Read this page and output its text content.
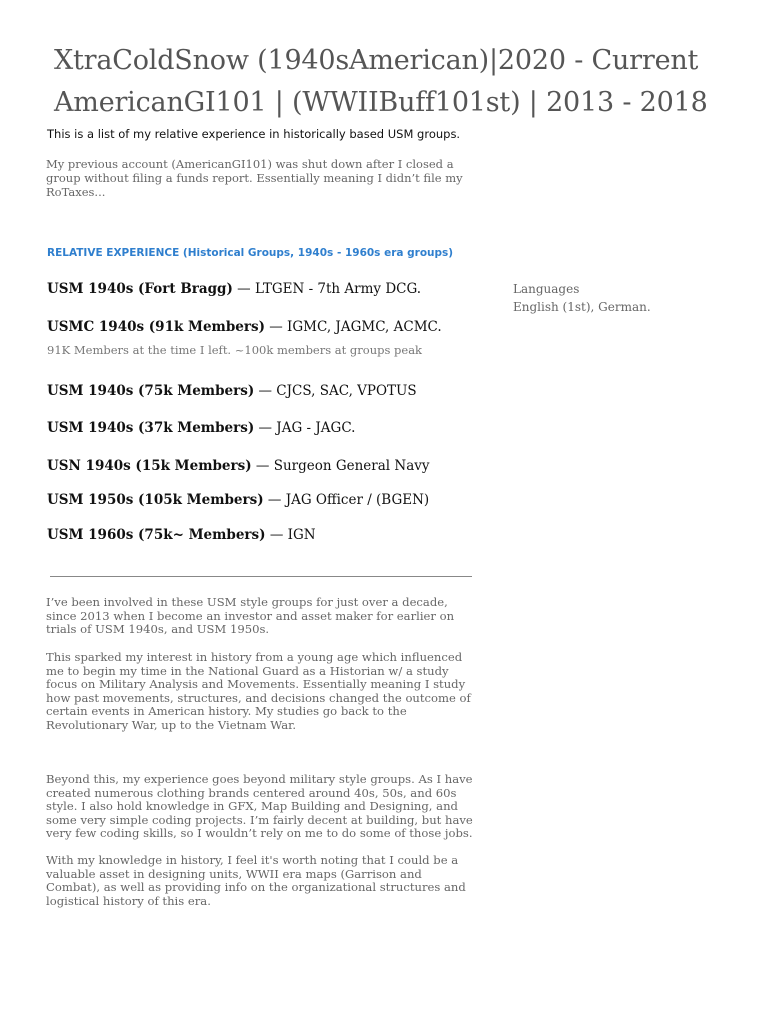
XtraColdSnow (1940sAmerican)|2020 - Current
AmericanGI101 | (WWIIBuff101st) | 2013 - 2018
This is a list of my relative experience in historically based USM groups.
My previous account (AmericanGI101) was shut down after I closed a group without filing a funds report. Essentially meaning I didn’t file my RoTaxes...
RELATIVE EXPERIENCE (Historical Groups, 1940s - 1960s era groups)
USM 1940s (Fort Bragg) — LTGEN - 7th Army DCG.
USMC 1940s (91k Members) — IGMC, JAGMC, ACMC.
91K Members at the time I left. ~100k members at groups peak
USM 1940s (75k Members) — CJCS, SAC, VPOTUS
USM 1940s (37k Members) — JAG - JAGC.
USN 1940s (15k Members) — Surgeon General Navy
USM 1950s (105k Members) — JAG Officer / (BGEN)
USM 1960s (75k~ Members) — IGN
Languages
English (1st), German.

I’ve been involved in these USM style groups for just over a decade, since 2013 when I become an investor and asset maker for earlier on trials of USM 1940s, and USM 1950s.

This sparked my interest in history from a young age which influenced me to begin my time in the National Guard as a Historian w/ a study focus on Military Analysis and Movements. Essentially meaning I study how past movements, structures, and decisions changed the outcome of certain events in American history. My studies go back to the Revolutionary War, up to the Vietnam War.

Beyond this, my experience goes beyond military style groups. As I have created numerous clothing brands centered around 40s, 50s, and 60s style. I also hold knowledge in GFX, Map Building and Designing, and some very simple coding projects. I’m fairly decent at building, but have very few coding skills, so I wouldn’t rely on me to do some of those jobs.

With my knowledge in history, I feel it's worth noting that I could be a valuable asset in designing units, WWII era maps (Garrison and Combat), as well as providing info on the organizational structures and logistical history of this era.
